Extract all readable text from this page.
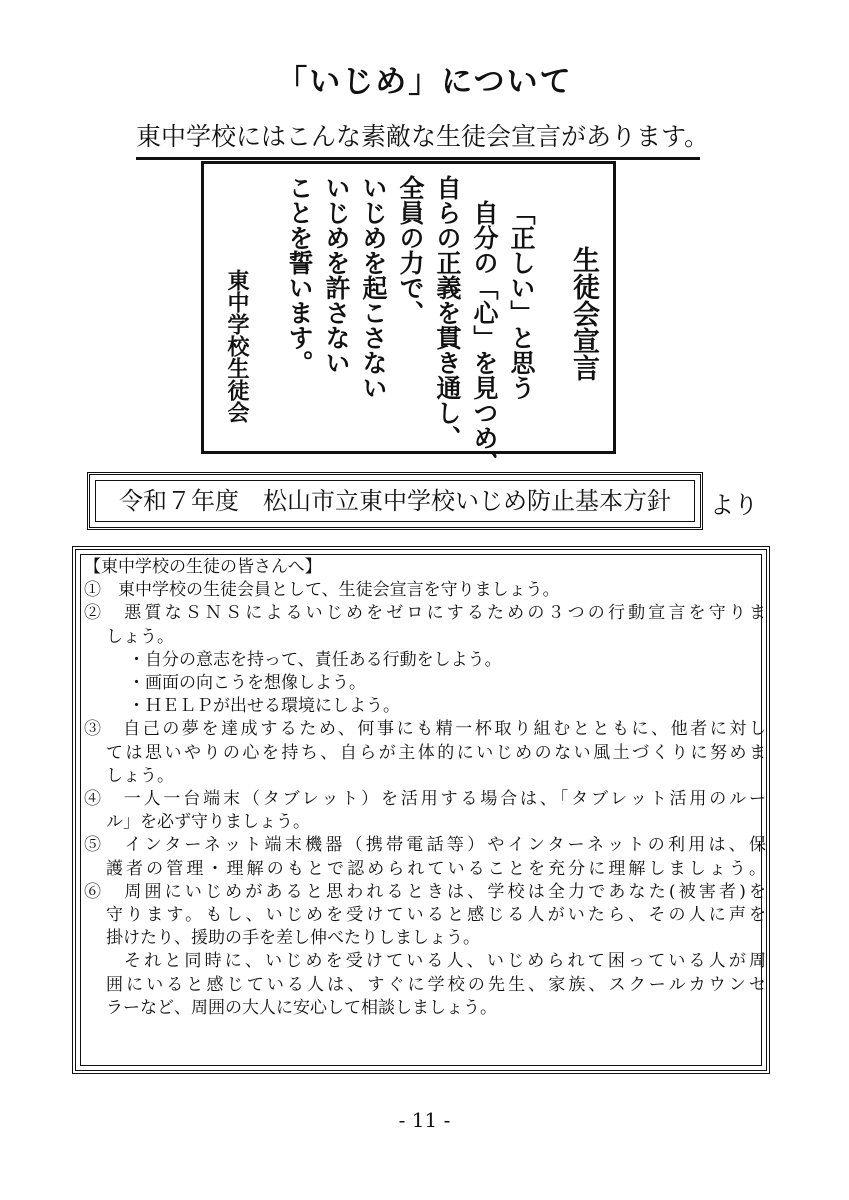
「いじめ」について
東中学校にはこんな素敵な生徒会宣言があります。
生徒会宣言
「正しい」と思う
自分の「心」を見つめ、
自らの正義を貫き通し、
全員の力で、
いじめを起こさない
いじめを許さない
ことを誓います。
東中学校生徒会
令和７年度　松山市立東中学校いじめ防止基本方針	より
【東中学校の生徒の皆さんへ】
①　東中学校の生徒会員として、生徒会宣言を守りましょう。
②　悪質なＳＮＳによるいじめをゼロにするための３つの行動宣言を守りま
しょう。
・自分の意志を持って、責任ある行動をしよう。
・画面の向こうを想像しよう。
・ＨＥＬＰが出せる環境にしよう。
③　自己の夢を達成するため、何事にも精一杯取り組むとともに、他者に対し
ては思いやりの心を持ち、自らが主体的にいじめのない風土づくりに努めま
しょう。
④　一人一台端末（タブレット）を活用する場合は、「タブレット活用のルー
ル」を必ず守りましょう。
⑤　インターネット端末機器（携帯電話等）やインターネットの利用は、保
護者の管理・理解のもとで認められていることを充分に理解しましょう。
⑥　周囲にいじめがあると思われるときは、学校は全力であなた(被害者)を
守ります。もし、いじめを受けていると感じる人がいたら、その人に声を
掛けたり、援助の手を差し伸べたりしましょう。
それと同時に、いじめを受けている人、いじめられて困っている人が周
囲にいると感じている人は、すぐに学校の先生、家族、スクールカウンセ
ラーなど、周囲の大人に安心して相談しましょう。
- 11 -
